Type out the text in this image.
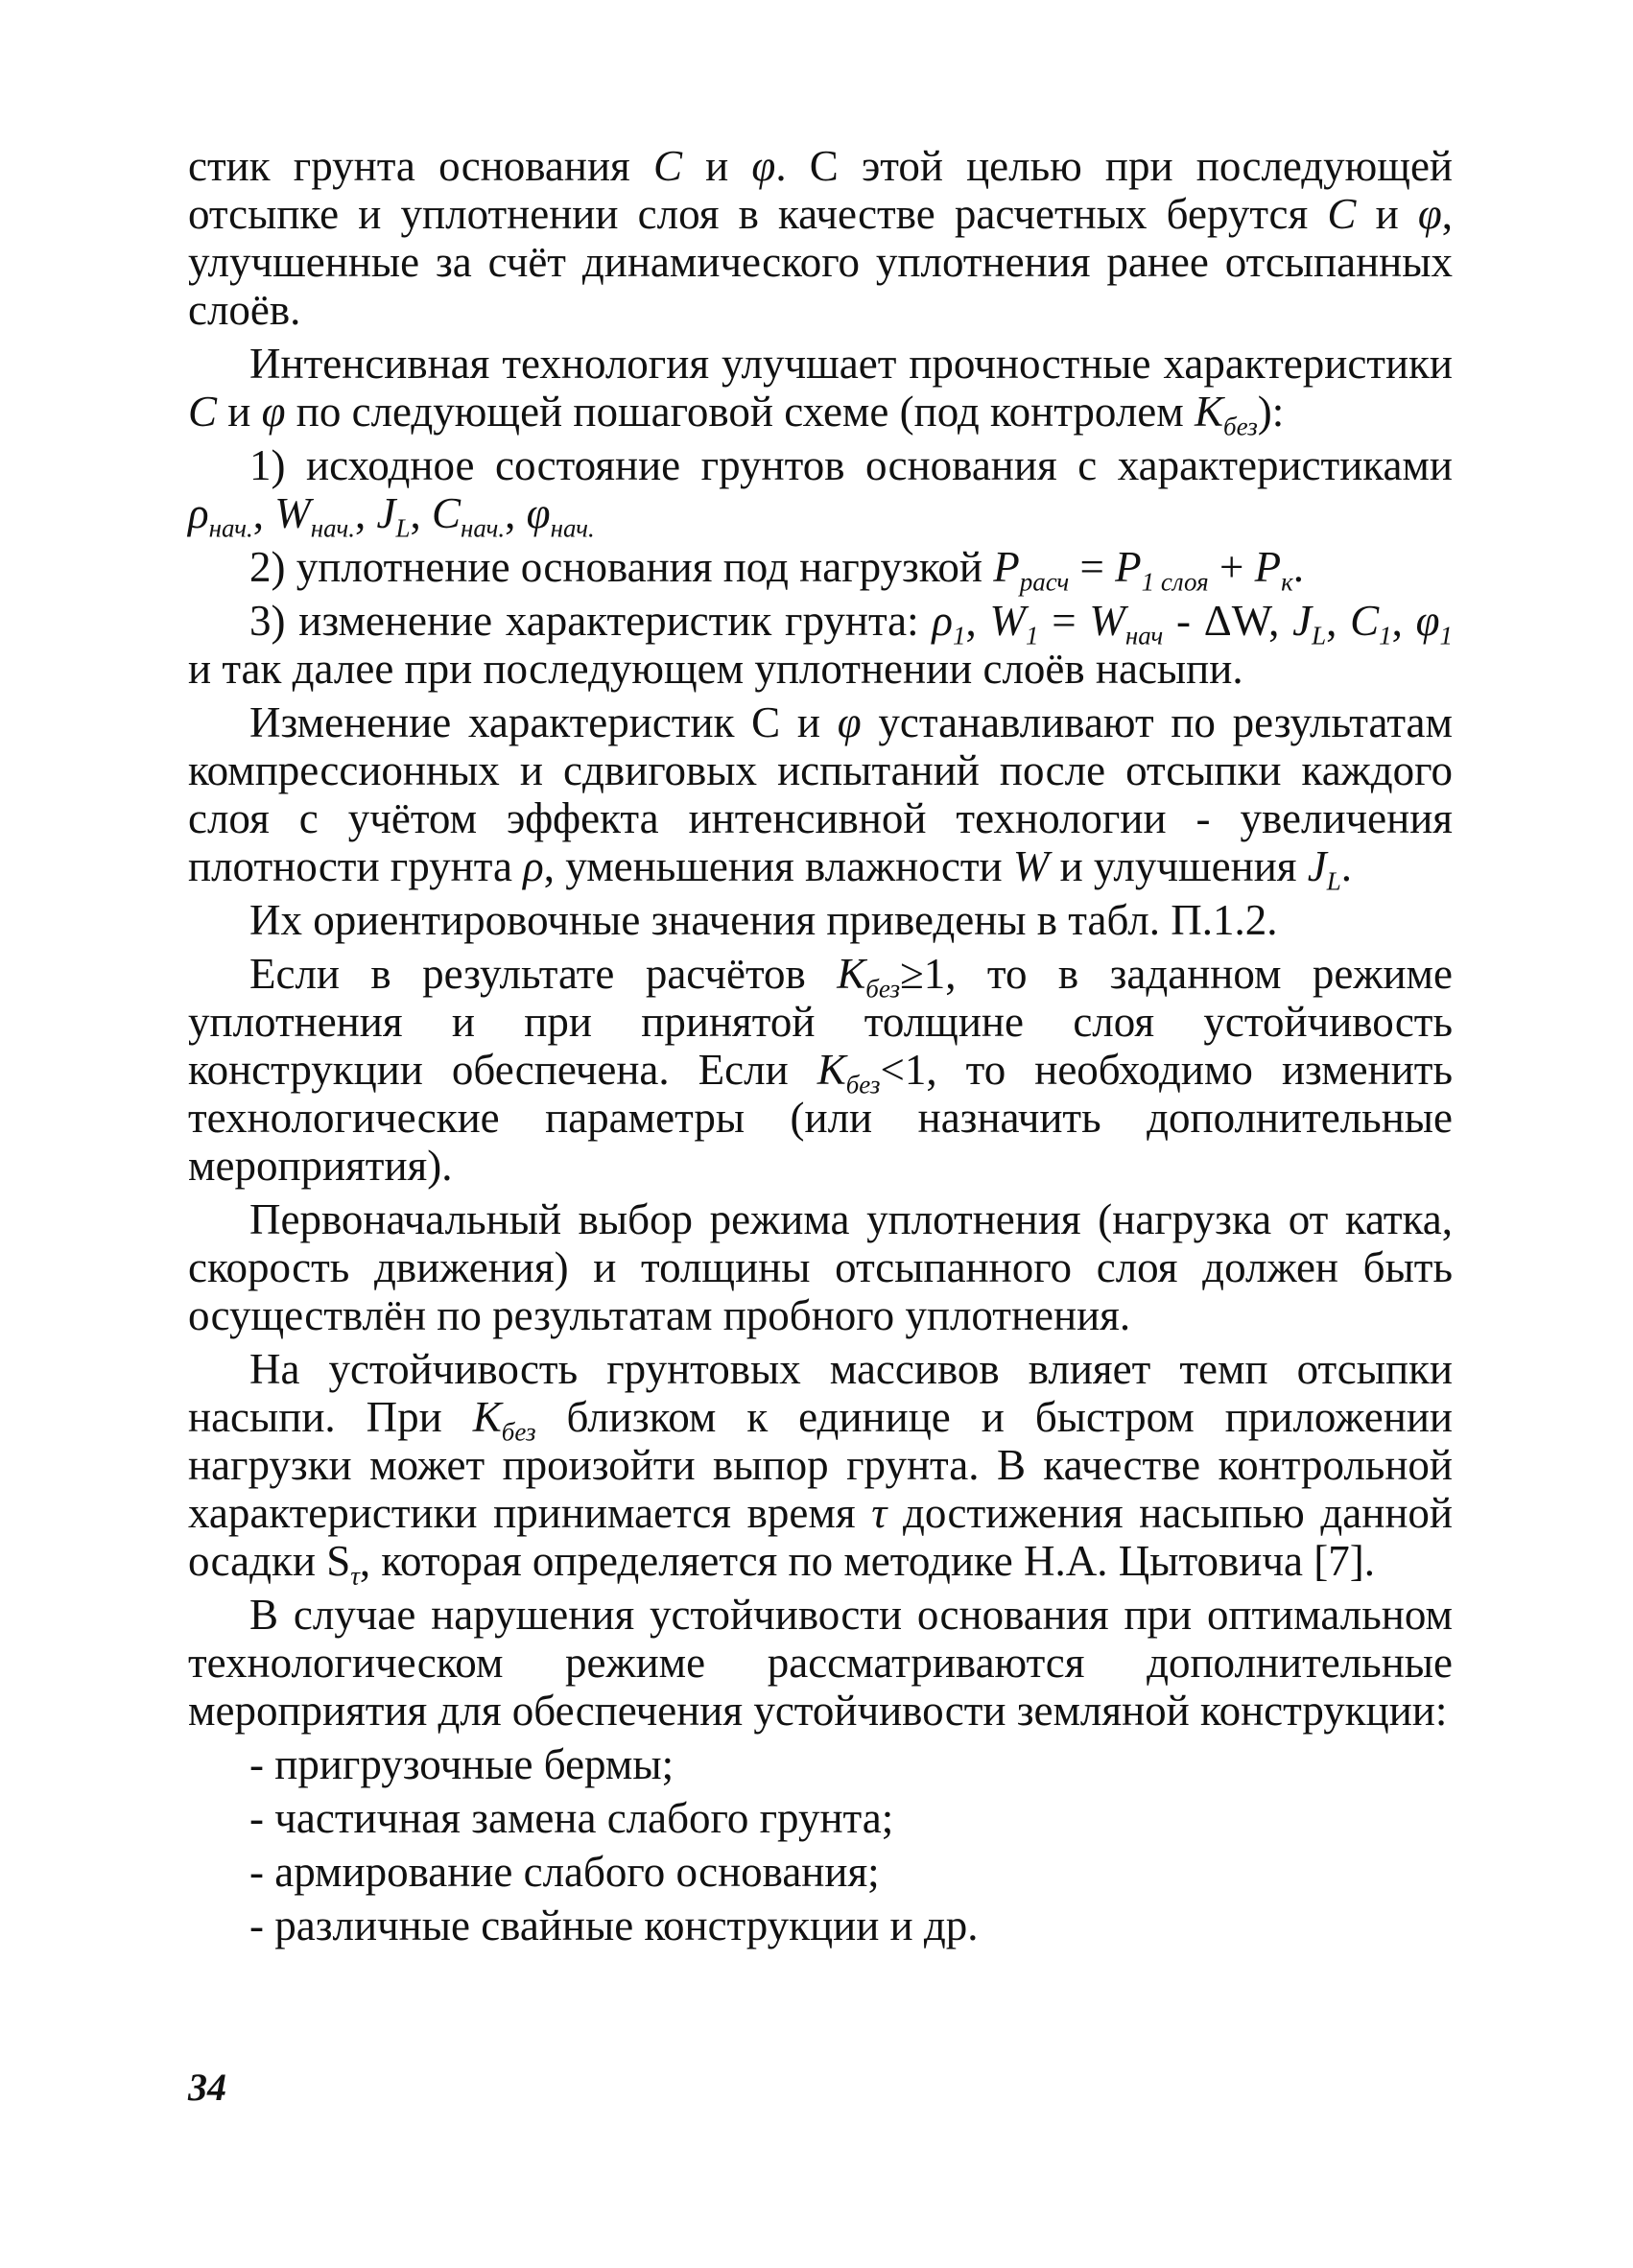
стик грунта основания C и φ. С этой целью при последующей отсыпке и уплотнении слоя в качестве расчетных берутся C и φ, улучшенные за счёт динамического уплотнения ранее отсыпанных слоёв.

Интенсивная технология улучшает прочностные характеристики C и φ по следующей пошаговой схеме (под контролем $K_{без}$):

1) исходное состояние грунтов основания с характеристиками $\rho_{нач.}$, $W_{нач.}$, $J_L$, $C_{нач.}$, $\varphi_{нач.}$

2) уплотнение основания под нагрузкой $P_{расч} = P_{1 слоя} + P_к$.

3) изменение характеристик грунта: $\rho_1$, $W_1 = W_{нач} - \Delta W$, $J_L$, $C_1$, $\varphi_1$ и так далее при последующем уплотнении слоёв насыпи.

Изменение характеристик С и φ устанавливают по результатам компрессионных и сдвиговых испытаний после отсыпки каждого слоя с учётом эффекта интенсивной технологии - увеличения плотности грунта ρ, уменьшения влажности W и улучшения $J_L$.

Их ориентировочные значения приведены в табл. П.1.2.

Если в результате расчётов $K_{без}\ge 1$, то в заданном режиме уплотнения и при принятой толщине слоя устойчивость конструкции обеспечена. Если $K_{без}<1$, то необходимо изменить технологические параметры (или назначить дополнительные мероприятия).

Первоначальный выбор режима уплотнения (нагрузка от катка, скорость движения) и толщины отсыпанного слоя должен быть осуществлён по результатам пробного уплотнения.

На устойчивость грунтовых массивов влияет темп отсыпки насыпи. При $K_{без}$ близком к единице и быстром приложении нагрузки может произойти выпор грунта. В качестве контрольной характеристики принимается время τ достижения насыпью данной осадки $S_\tau$, которая определяется по методике Н.А. Цытовича [7].

В случае нарушения устойчивости основания при оптимальном технологическом режиме рассматриваются дополнительные мероприятия для обеспечения устойчивости земляной конструкции:

- пригрузочные бермы;

- частичная замена слабого грунта;

- армирование слабого основания;

- различные свайные конструкции и др.

34
